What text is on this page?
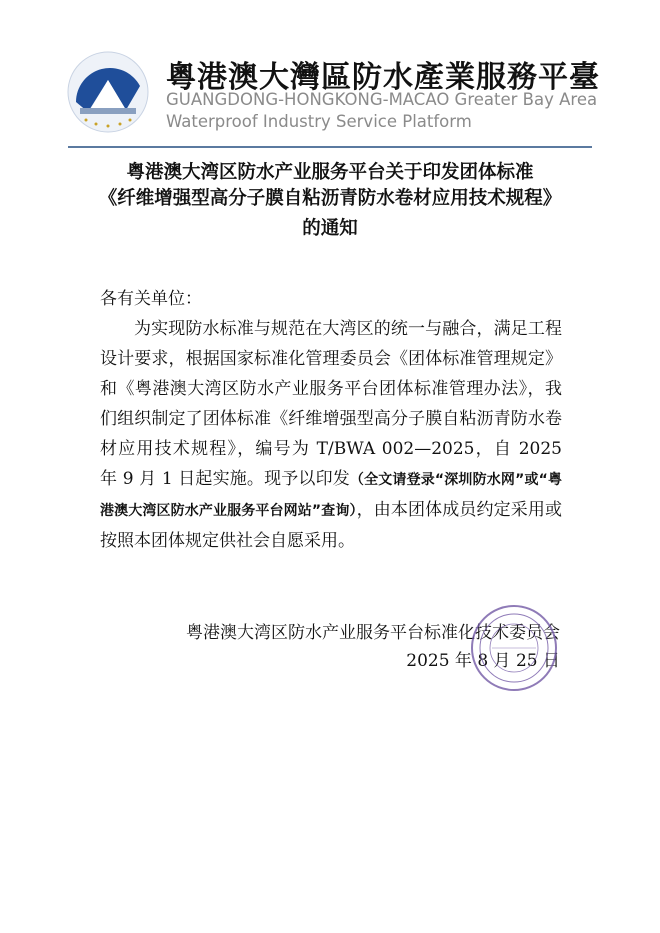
粵港澳大灣區防水產業服務平臺
GUANGDONG-HONGKONG-MACAO Greater Bay Area
Waterproof Industry Service Platform
粤港澳大湾区防水产业服务平台关于印发团体标准
《纤维增强型高分子膜自粘沥青防水卷材应用技术规程》
的通知
各有关单位：
为实现防水标准与规范在大湾区的统一与融合，满足工程设计要求，根据国家标准化管理委员会《团体标准管理规定》和《粤港澳大湾区防水产业服务平台团体标准管理办法》，我们组织制定了团体标准《纤维增强型高分子膜自粘沥青防水卷材应用技术规程》，编号为 T/BWA 002—2025，自 2025 年 9 月 1 日起实施。现予以印发（全文请登录“深圳防水网”或“粤港澳大湾区防水产业服务平台网站”查询），由本团体成员约定采用或按照本团体规定供社会自愿采用。
粤港澳大湾区防水产业服务平台标准化技术委员会
2025 年 8 月 25 日
